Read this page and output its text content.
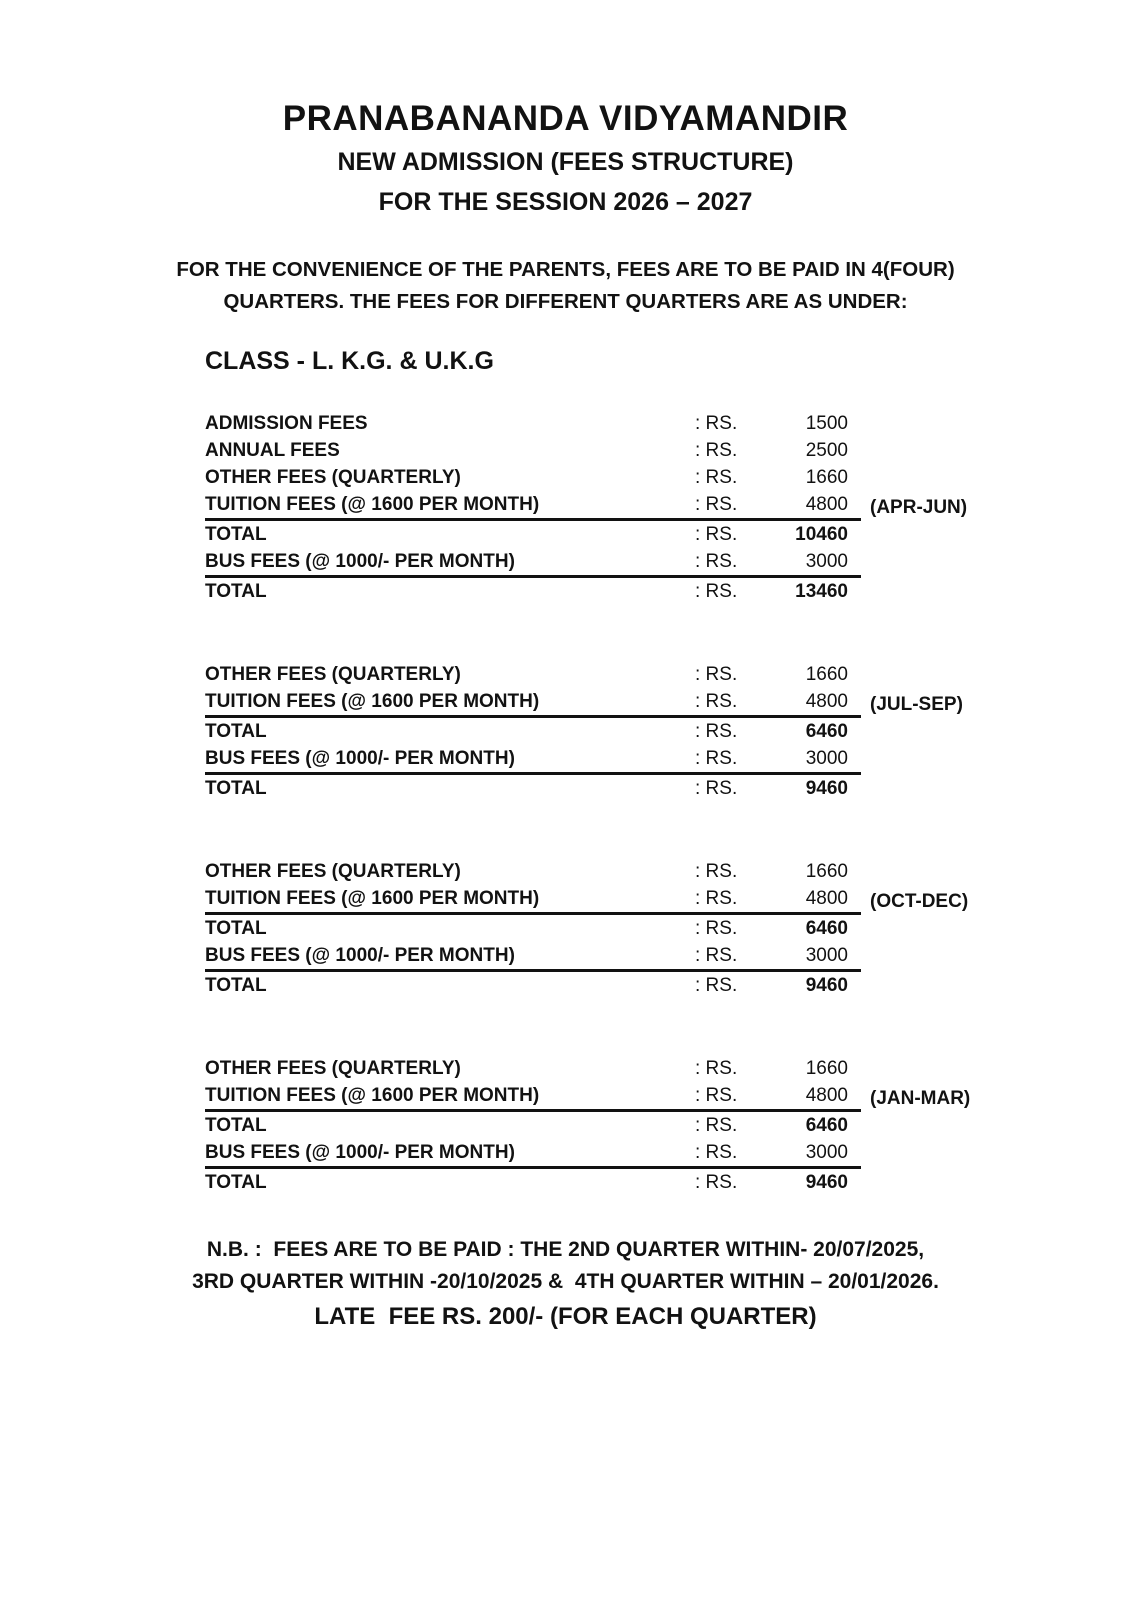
PRANABANANDA VIDYAMANDIR
NEW ADMISSION (FEES STRUCTURE)
FOR THE SESSION 2026 – 2027
FOR THE CONVENIENCE OF THE PARENTS, FEES ARE TO BE PAID IN 4(FOUR)
QUARTERS. THE FEES FOR DIFFERENT QUARTERS ARE AS UNDER:
CLASS - L. K.G. & U.K.G
ADMISSION FEES	: RS.	1500
ANNUAL FEES	: RS.	2500
OTHER FEES (QUARTERLY)	: RS.	1660
TUITION FEES (@ 1600 PER MONTH)	: RS.	4800	(APR-JUN)
TOTAL	: RS.	10460
BUS FEES (@ 1000/- PER MONTH)	: RS.	3000
TOTAL	: RS.	13460
OTHER FEES (QUARTERLY)	: RS.	1660
TUITION FEES (@ 1600 PER MONTH)	: RS.	4800	(JUL-SEP)
TOTAL	: RS.	6460
BUS FEES (@ 1000/- PER MONTH)	: RS.	3000
TOTAL	: RS.	9460
OTHER FEES (QUARTERLY)	: RS.	1660
TUITION FEES (@ 1600 PER MONTH)	: RS.	4800	(OCT-DEC)
TOTAL	: RS.	6460
BUS FEES (@ 1000/- PER MONTH)	: RS.	3000
TOTAL	: RS.	9460
OTHER FEES (QUARTERLY)	: RS.	1660
TUITION FEES (@ 1600 PER MONTH)	: RS.	4800	(JAN-MAR)
TOTAL	: RS.	6460
BUS FEES (@ 1000/- PER MONTH)	: RS.	3000
TOTAL	: RS.	9460
N.B. :  FEES ARE TO BE PAID : THE 2ND QUARTER WITHIN- 20/07/2025,
3RD QUARTER WITHIN -20/10/2025 &  4TH QUARTER WITHIN – 20/01/2026.
LATE  FEE RS. 200/- (FOR EACH QUARTER)
